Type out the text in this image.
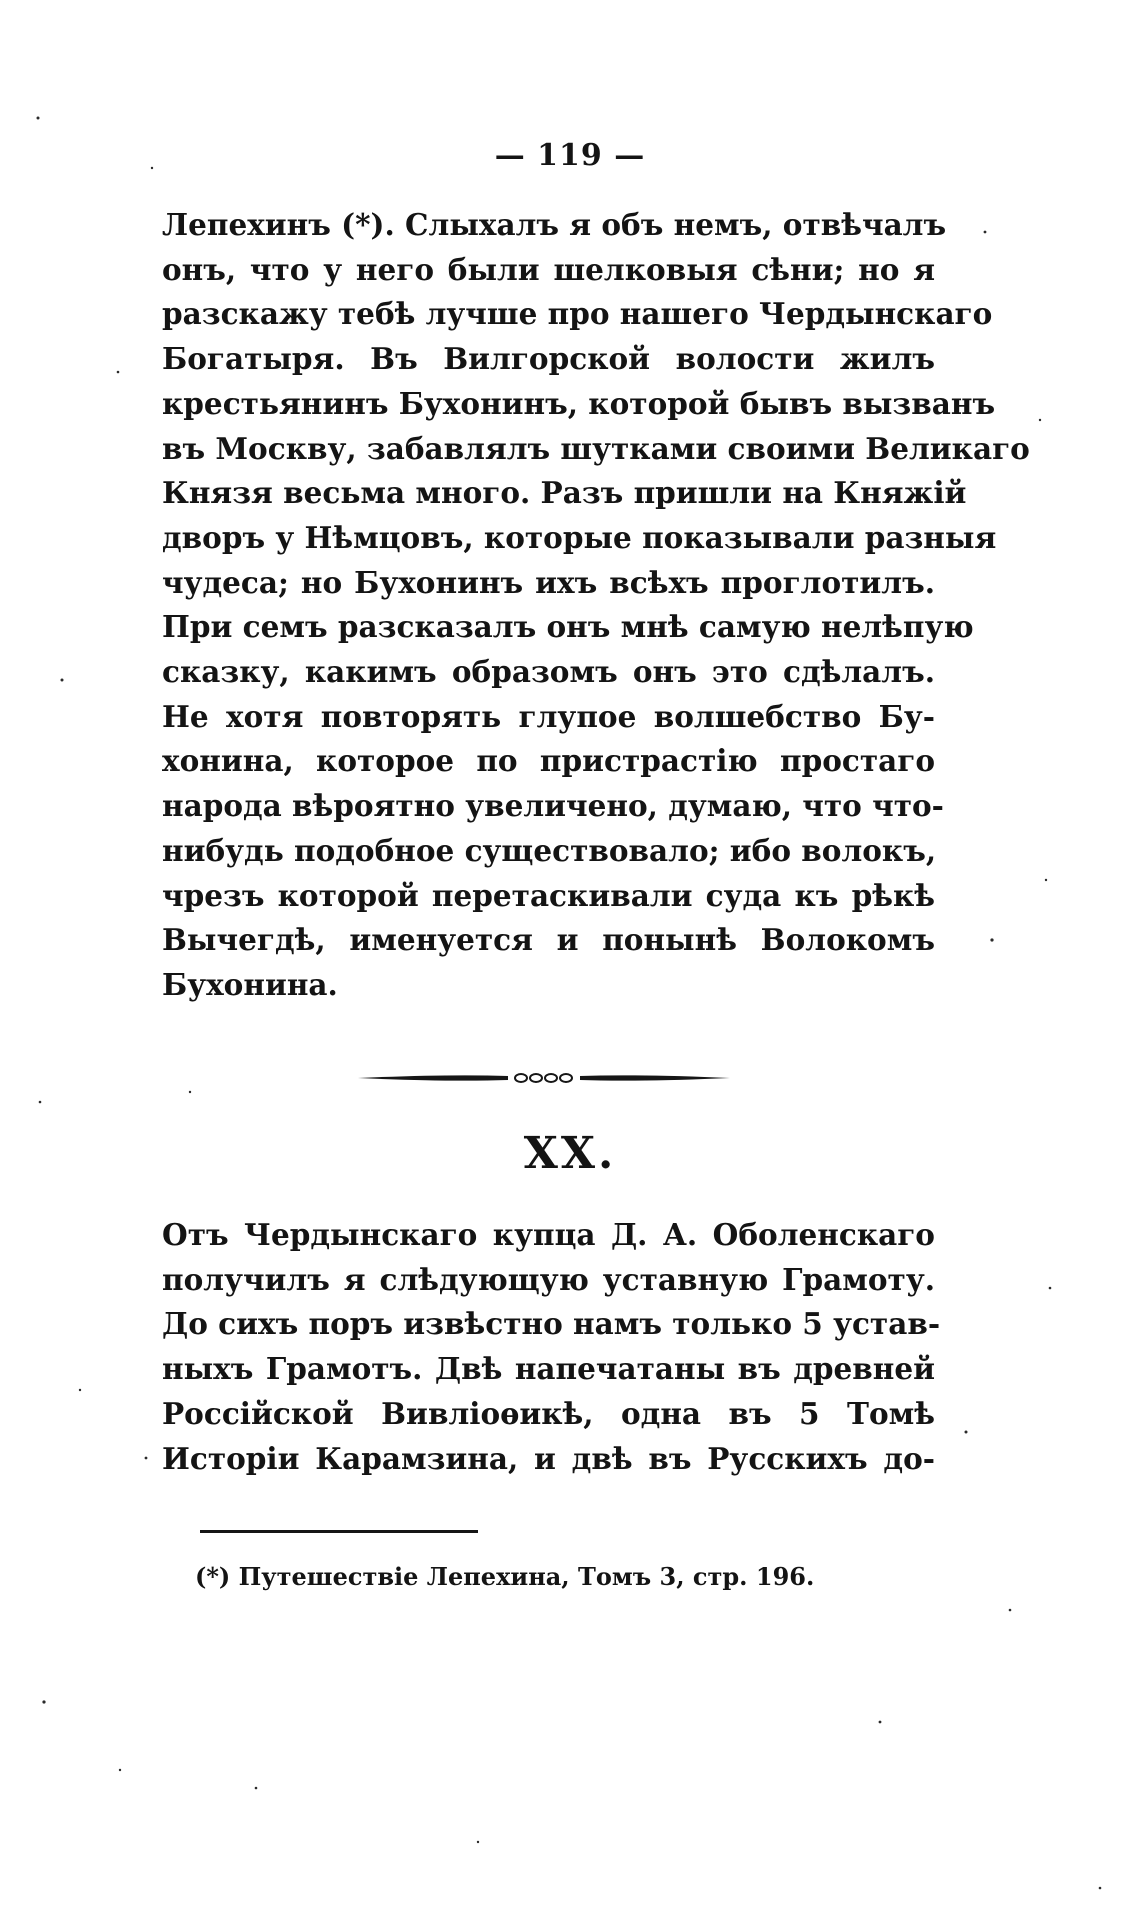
— 119 —
Лепехинъ (*). Слыхалъ я объ немъ, отвѣчалъ
онъ, что у него были шелковыя сѣни; но я
разскажу тебѣ лучше про нашего Чердынскаго
Богатыря. Въ Вилгорской волости жилъ
крестьянинъ Бухонинъ, которой бывъ вызванъ
въ Москву, забавлялъ шутками своими Великаго
Князя весьма много. Разъ пришли на Княжій
дворъ у Нѣмцовъ, которые показывали разныя
чудеса; но Бухонинъ ихъ всѣхъ проглотилъ.
При семъ разсказалъ онъ мнѣ самую нелѣпую
сказку, какимъ образомъ онъ это сдѣлалъ.
Не хотя повторять глупое волшебство Бу-
хонина, которое по пристрастію простаго
народа вѣроятно увеличено, думаю, что что-
нибудь подобное существовало; ибо волокъ,
чрезъ которой перетаскивали суда къ рѣкѣ
Вычегдѣ, именуется и понынѣ Волокомъ
Бухонина.
XX.
Отъ Чердынскаго купца Д. А. Оболенскаго
получилъ я слѣдующую уставную Грамоту.
До сихъ поръ извѣстно намъ только 5 устав-
ныхъ Грамотъ. Двѣ напечатаны въ древней
Россійской Вивліоѳикѣ, одна въ 5 Томѣ
Исторіи Карамзина, и двѣ въ Русскихъ до-
(*) Путешествіе Лепехина, Томъ 3, стр. 196.
